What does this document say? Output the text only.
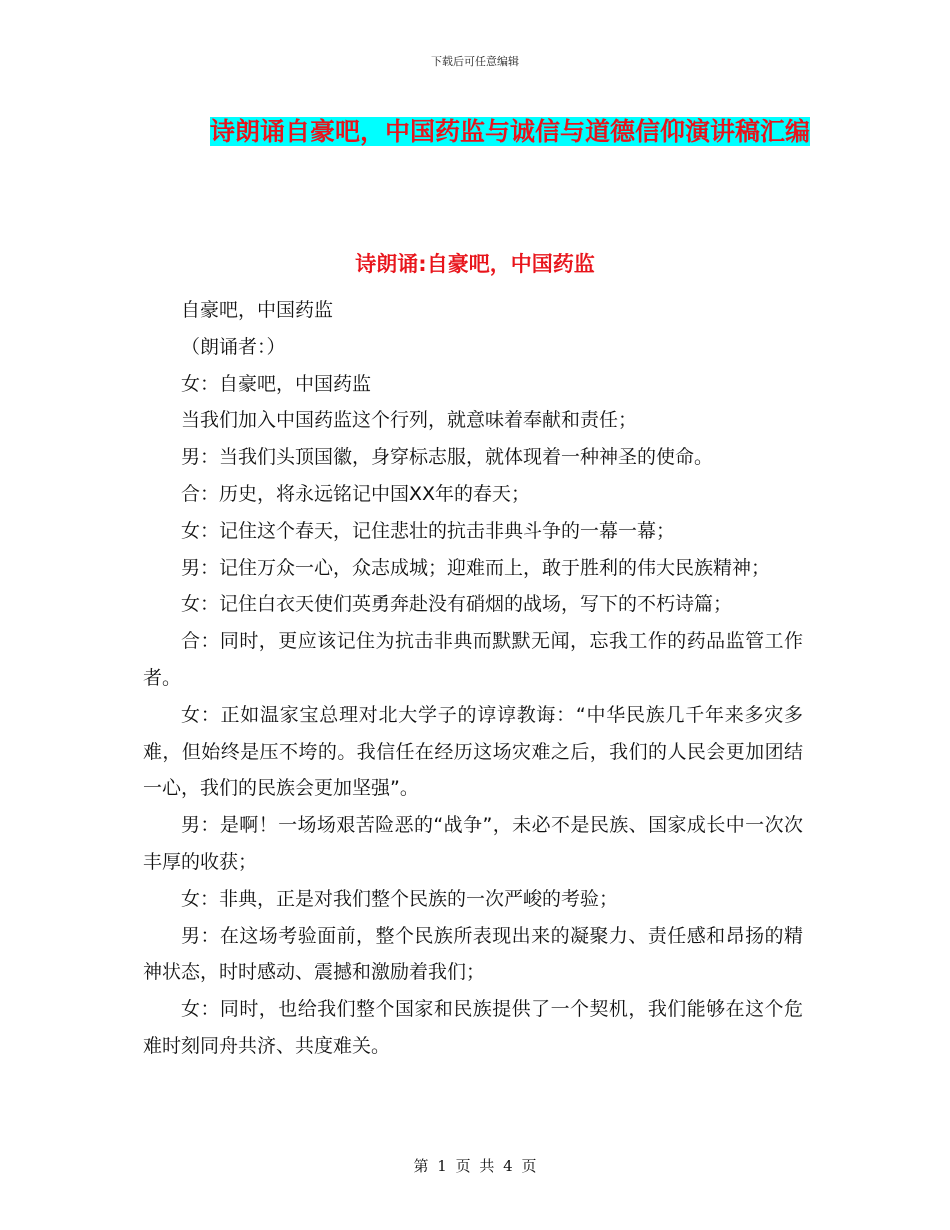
下载后可任意编辑
诗朗诵自豪吧，中国药监与诚信与道德信仰演讲稿汇编
诗朗诵:自豪吧，中国药监

自豪吧，中国药监

（朗诵者：）

女：自豪吧，中国药监

当我们加入中国药监这个行列，就意味着奉献和责任；

男：当我们头顶国徽，身穿标志服，就体现着一种神圣的使命。

合：历史，将永远铭记中国XX年的春天；

女：记住这个春天，记住悲壮的抗击非典斗争的一幕一幕；

男：记住万众一心，众志成城；迎难而上，敢于胜利的伟大民族精神；

女：记住白衣天使们英勇奔赴没有硝烟的战场，写下的不朽诗篇；

合：同时，更应该记住为抗击非典而默默无闻，忘我工作的药品监管工作者。

女：正如温家宝总理对北大学子的谆谆教诲：“中华民族几千年来多灾多难，但始终是压不垮的。我信任在经历这场灾难之后，我们的人民会更加团结一心，我们的民族会更加坚强”。

男：是啊！一场场艰苦险恶的“战争”，未必不是民族、国家成长中一次次丰厚的收获；

女：非典，正是对我们整个民族的一次严峻的考验；

男：在这场考验面前，整个民族所表现出来的凝聚力、责任感和昂扬的精神状态，时时感动、震撼和激励着我们；

女：同时，也给我们整个国家和民族提供了一个契机，我们能够在这个危难时刻同舟共济、共度难关。

第 1 页 共 4 页
